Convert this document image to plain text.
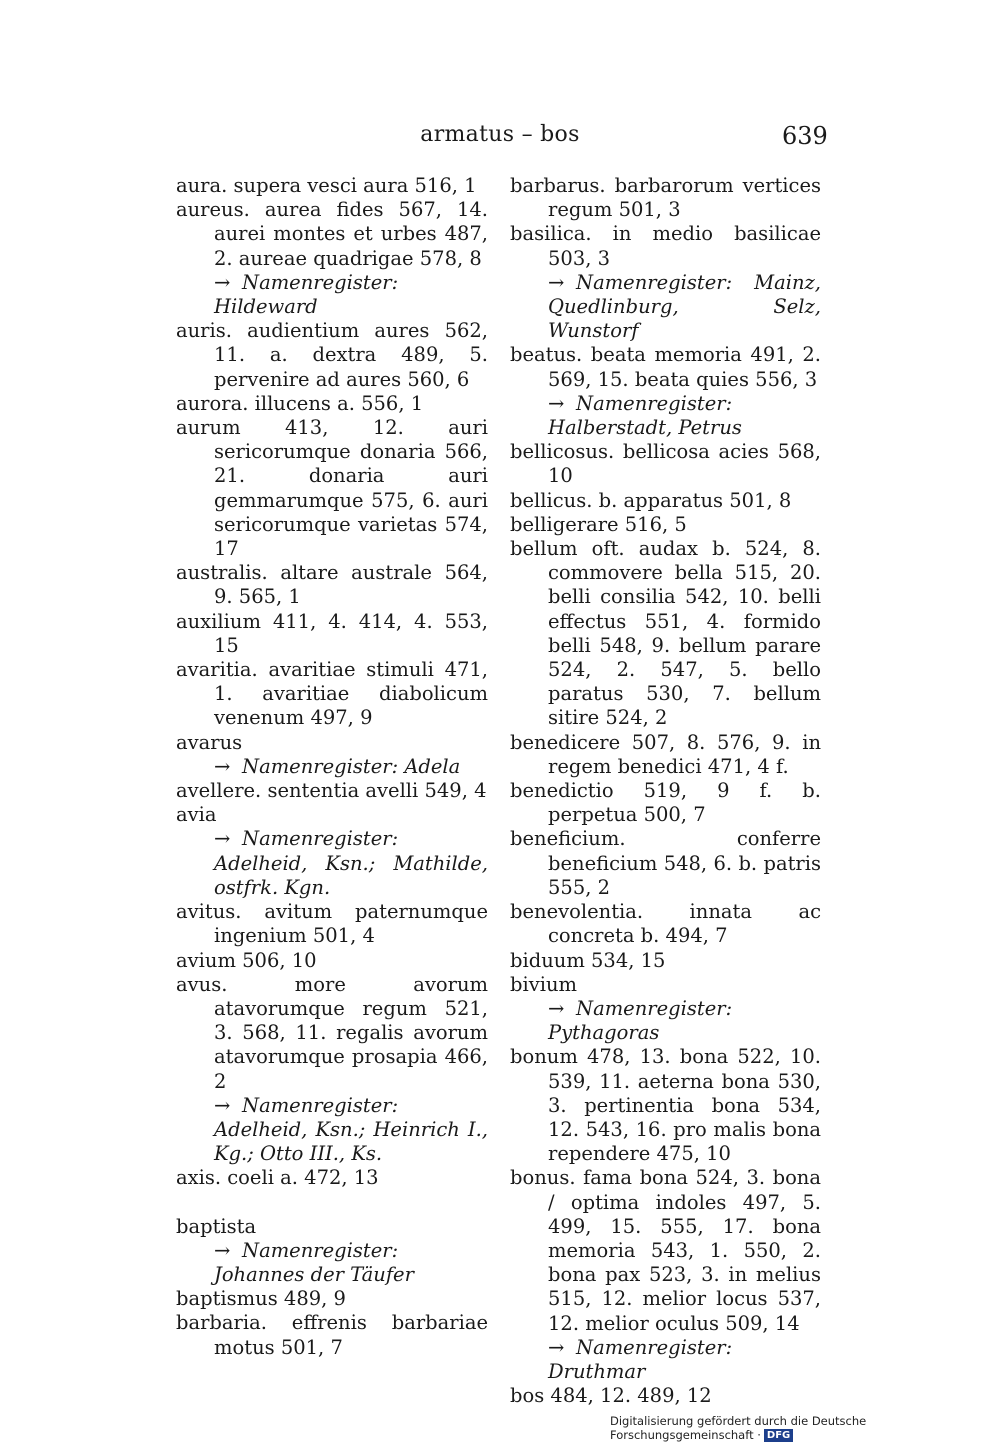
armatus – bos	639

aura. supera vesci aura 516, 1

aureus. aurea fides 567, 14. aurei montes et urbes 487, 2. aureae quadrigae 578, 8

→ Namenregister: Hildeward

auris. audientium aures 562, 11. a. dextra 489, 5. pervenire ad aures 560, 6

aurora. illucens a. 556, 1

aurum 413, 12. auri sericorumque donaria 566, 21. donaria auri gemmarumque 575, 6. auri sericorumque varietas 574, 17

australis. altare australe 564, 9. 565, 1

auxilium 411, 4. 414, 4. 553, 15

avaritia. avaritiae stimuli 471, 1. avaritiae diabolicum venenum 497, 9

avarus

→ Namenregister: Adela

avellere. sententia avelli 549, 4

avia

→ Namenregister: Adelheid, Ksn.; Mathilde, ostfrk. Kgn.

avitus. avitum paternumque ingenium 501, 4

avium 506, 10

avus. more avorum atavorumque regum 521, 3. 568, 11. regalis avorum atavorumque prosapia 466, 2

→ Namenregister: Adelheid, Ksn.; Heinrich I., Kg.; Otto III., Ks.

axis. coeli a. 472, 13

baptista

→ Namenregister: Johannes der Täufer

baptismus 489, 9

barbaria. effrenis barbariae motus 501, 7

barbarus. barbarorum vertices regum 501, 3

basilica. in medio basilicae 503, 3

→ Namenregister: Mainz, Quedlinburg, Selz, Wunstorf

beatus. beata memoria 491, 2. 569, 15. beata quies 556, 3

→ Namenregister: Halberstadt, Petrus

bellicosus. bellicosa acies 568, 10

bellicus. b. apparatus 501, 8

belligerare 516, 5

bellum oft. audax b. 524, 8. commovere bella 515, 20. belli consilia 542, 10. belli effectus 551, 4. formido belli 548, 9. bellum parare 524, 2. 547, 5. bello paratus 530, 7. bellum sitire 524, 2

benedicere 507, 8. 576, 9. in regem benedici 471, 4 f.

benedictio 519, 9 f. b. perpetua 500, 7

beneficium. conferre beneficium 548, 6. b. patris 555, 2

benevolentia. innata ac concreta b. 494, 7

biduum 534, 15

bivium

→ Namenregister: Pythagoras

bonum 478, 13. bona 522, 10. 539, 11. aeterna bona 530, 3. pertinentia bona 534, 12. 543, 16. pro malis bona rependere 475, 10

bonus. fama bona 524, 3. bona / optima indoles 497, 5. 499, 15. 555, 17. bona memoria 543, 1. 550, 2. bona pax 523, 3. in melius 515, 12. melior locus 537, 12. melior oculus 509, 14

→ Namenregister: Druthmar

bos 484, 12. 489, 12

Digitalisierung gefördert durch die Deutsche Forschungsgemeinschaft · DFG
